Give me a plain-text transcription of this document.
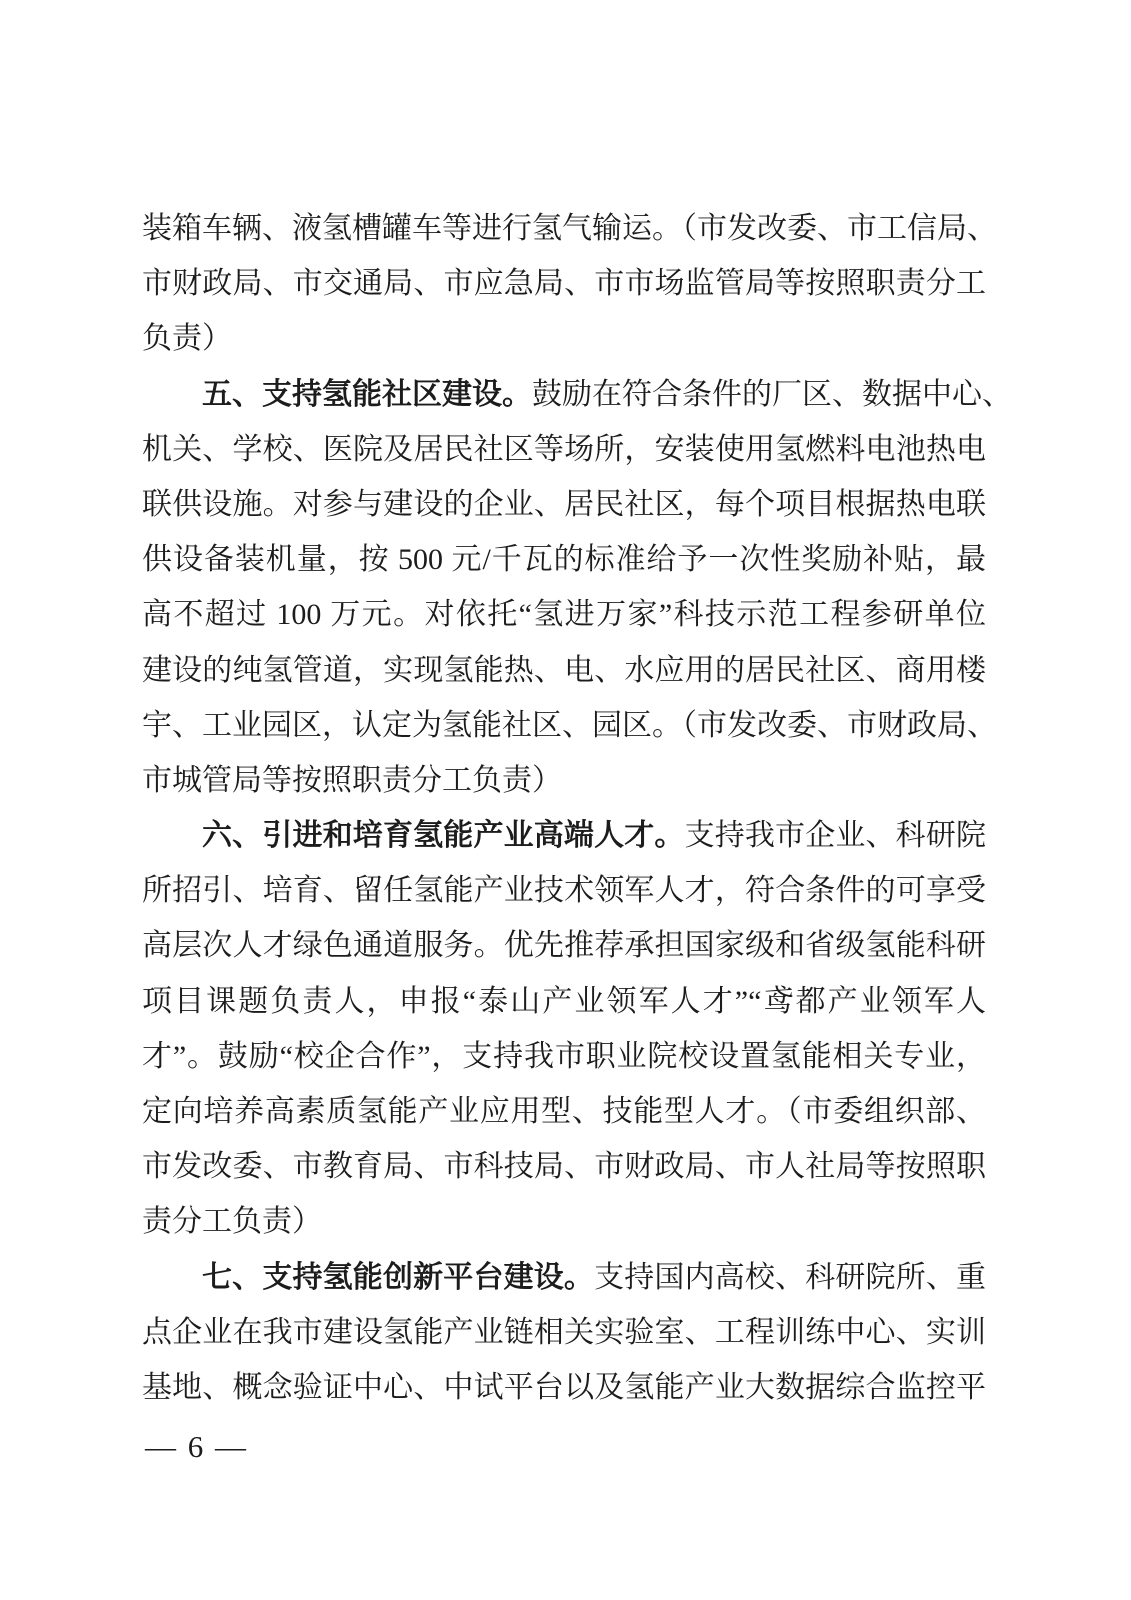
装箱车辆、液氢槽罐车等进行氢气输运。（市发改委、市工信局、
市财政局、市交通局、市应急局、市市场监管局等按照职责分工
负责）
五、支持氢能社区建设。鼓励在符合条件的厂区、数据中心、
机关、学校、医院及居民社区等场所，安装使用氢燃料电池热电
联供设施。对参与建设的企业、居民社区，每个项目根据热电联
供设备装机量，按 500 元/千瓦的标准给予一次性奖励补贴，最
高不超过 100 万元。对依托“氢进万家”科技示范工程参研单位
建设的纯氢管道，实现氢能热、电、水应用的居民社区、商用楼
宇、工业园区，认定为氢能社区、园区。（市发改委、市财政局、
市城管局等按照职责分工负责）
六、引进和培育氢能产业高端人才。支持我市企业、科研院
所招引、培育、留任氢能产业技术领军人才，符合条件的可享受
高层次人才绿色通道服务。优先推荐承担国家级和省级氢能科研
项目课题负责人，申报“泰山产业领军人才”“鸢都产业领军人
才”。鼓励“校企合作”，支持我市职业院校设置氢能相关专业，
定向培养高素质氢能产业应用型、技能型人才。（市委组织部、
市发改委、市教育局、市科技局、市财政局、市人社局等按照职
责分工负责）
七、支持氢能创新平台建设。支持国内高校、科研院所、重
点企业在我市建设氢能产业链相关实验室、工程训练中心、实训
基地、概念验证中心、中试平台以及氢能产业大数据综合监控平
— 6 —
